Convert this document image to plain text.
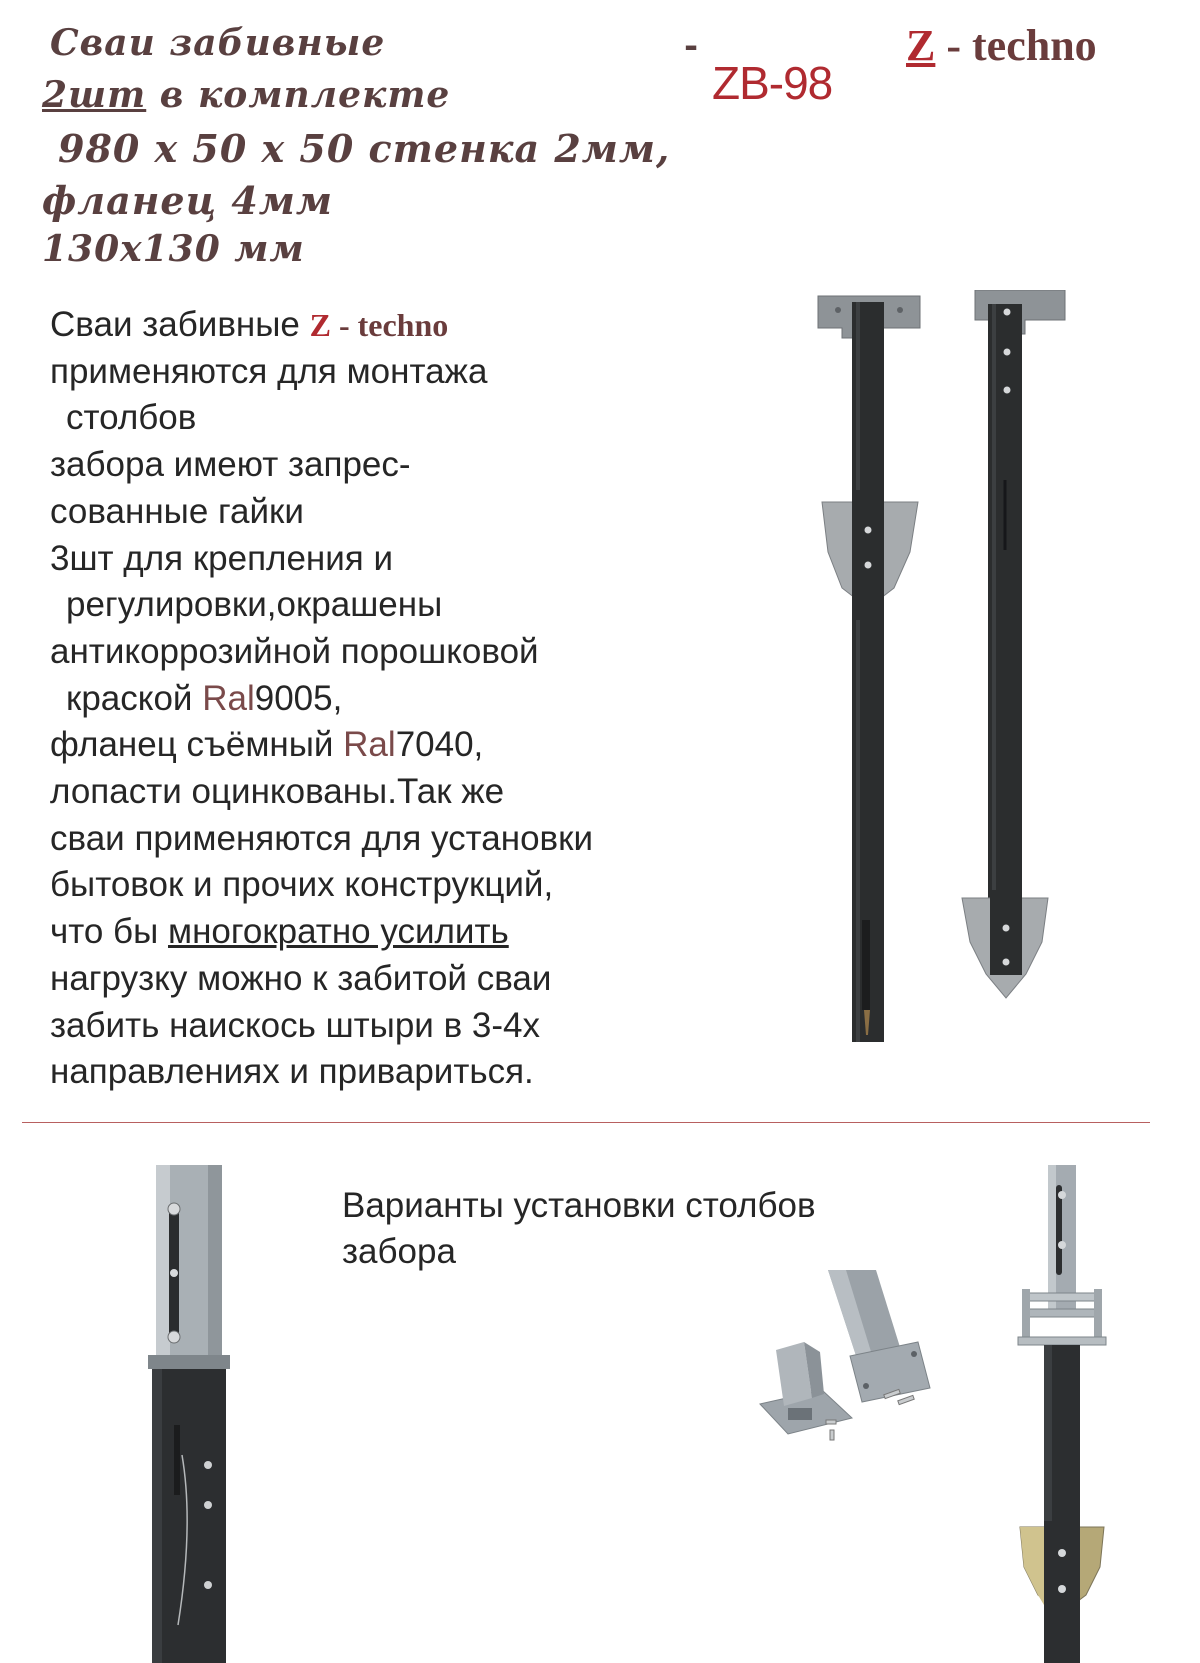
Сваи забивные
2шт в комплекте
980 х 50 х 50 стенка 2мм,
фланец 4мм
130х130 мм
-
ZB-98
Z - techno
Сваи забивные Z - techno
применяются для монтажа
столбов
забора имеют запрес-
сованные гайки
3шт для крепления и
регулировки,окрашены
антикоррозийной порошковой
краской Ral9005,
фланец съёмный Ral7040,
лопасти оцинкованы.Так же
сваи применяются для установки
бытовок и прочих конструкций,
что бы многократно усилить
нагрузку можно к забитой сваи
забить наискось штыри в 3-4х
направлениях и привариться.
Варианты установки столбов
забора
